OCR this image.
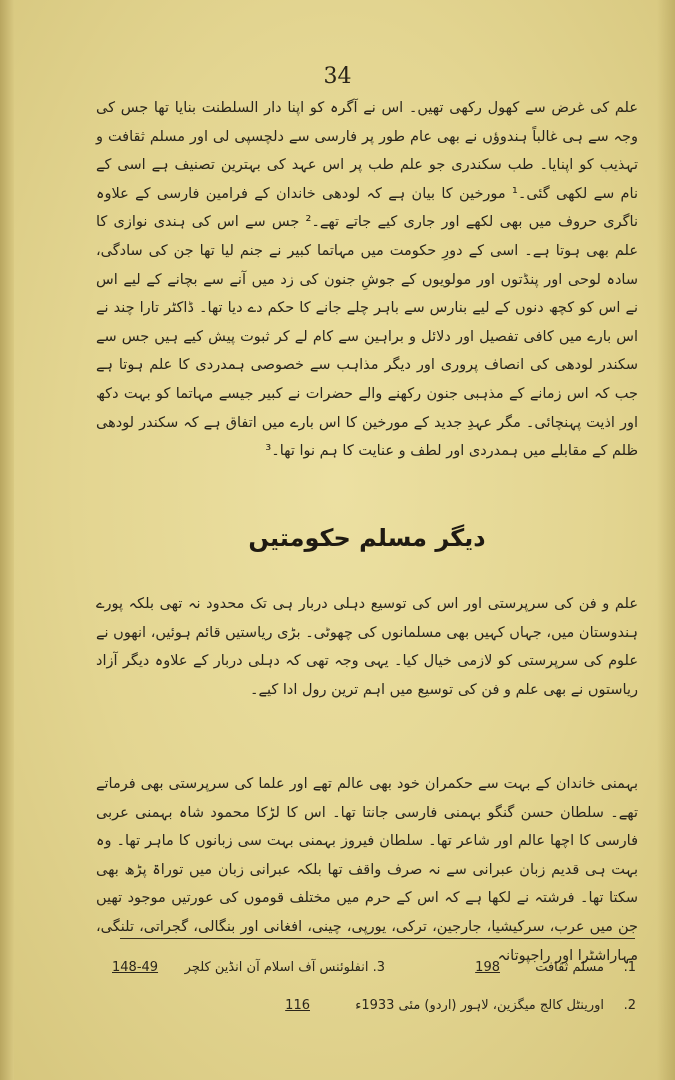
34
علم کی غرض سے کھول رکھی تھیں۔ اس نے آگرہ کو اپنا دار السلطنت بنایا تھا جس کی وجہ سے ہی غالباً ہندوؤں نے بھی عام طور پر فارسی سے دلچسپی لی اور مسلم ثقافت و تہذیب کو اپنایا۔ طب سکندری جو علم طب پر اس عہد کی بہترین تصنیف ہے اسی کے نام سے لکھی گئی۔¹ مورخین کا بیان ہے کہ لودھی خاندان کے فرامین فارسی کے علاوہ ناگری حروف میں بھی لکھے اور جاری کیے جاتے تھے۔² جس سے اس کی ہندی نوازی کا علم بھی ہوتا ہے۔ اسی کے دورِ حکومت میں مہاتما کبیر نے جنم لیا تھا جن کی سادگی، سادہ لوحی اور پنڈتوں اور مولویوں کے جوشِ جنون کی زد میں آنے سے بچانے کے لیے اس نے اس کو کچھ دنوں کے لیے بنارس سے باہر چلے جانے کا حکم دے دیا تھا۔ ڈاکٹر تارا چند نے اس بارے میں کافی تفصیل اور دلائل و براہین سے کام لے کر ثبوت پیش کیے ہیں جس سے سکندر لودھی کی انصاف پروری اور دیگر مذاہب سے خصوصی ہمدردی کا علم ہوتا ہے جب کہ اس زمانے کے مذہبی جنون رکھنے والے حضرات نے کبیر جیسے مہاتما کو بہت دکھ اور اذیت پہنچائی۔ مگر عہدِ جدید کے مورخین کا اس بارے میں اتفاق ہے کہ سکندر لودھی ظلم کے مقابلے میں ہمدردی اور لطف و عنایت کا ہم نوا تھا۔³
دیگر مسلم حکومتیں
علم و فن کی سرپرستی اور اس کی توسیع دہلی دربار ہی تک محدود نہ تھی بلکہ پورے ہندوستان میں، جہاں کہیں بھی مسلمانوں کی چھوٹی۔ بڑی ریاستیں قائم ہوئیں، انھوں نے علوم کی سرپرستی کو لازمی خیال کیا۔ یہی وجہ تھی کہ دہلی دربار کے علاوہ دیگر آزاد ریاستوں نے بھی علم و فن کی توسیع میں اہم ترین رول ادا کیے۔
بہمنی خاندان کے بہت سے حکمران خود بھی عالم تھے اور علما کی سرپرستی بھی فرماتے تھے۔ سلطان حسن گنگو بہمنی فارسی جانتا تھا۔ اس کا لڑکا محمود شاہ بہمنی عربی فارسی کا اچھا عالم اور شاعر تھا۔ سلطان فیروز بہمنی بہت سی زبانوں کا ماہر تھا۔ وہ بہت ہی قدیم زبان عبرانی سے نہ صرف واقف تھا بلکہ عبرانی زبان میں توراۃ پڑھ بھی سکتا تھا۔ فرشتہ نے لکھا ہے کہ اس کے حرم میں مختلف قوموں کی عورتیں موجود تھیں جن میں عرب، سرکیشیا، جارجین، ترکی، یورپی، چینی، افغانی اور بنگالی، گجراتی، تلنگی، مہاراشٹرا اور راجپوتانہ
1.
مسلم ثقافت
198
3. انفلوئنس آف اسلام آن انڈین کلچر
148-49
2.
اورینٹل کالج میگزین، لاہور (اردو) مئی 1933ء
116
